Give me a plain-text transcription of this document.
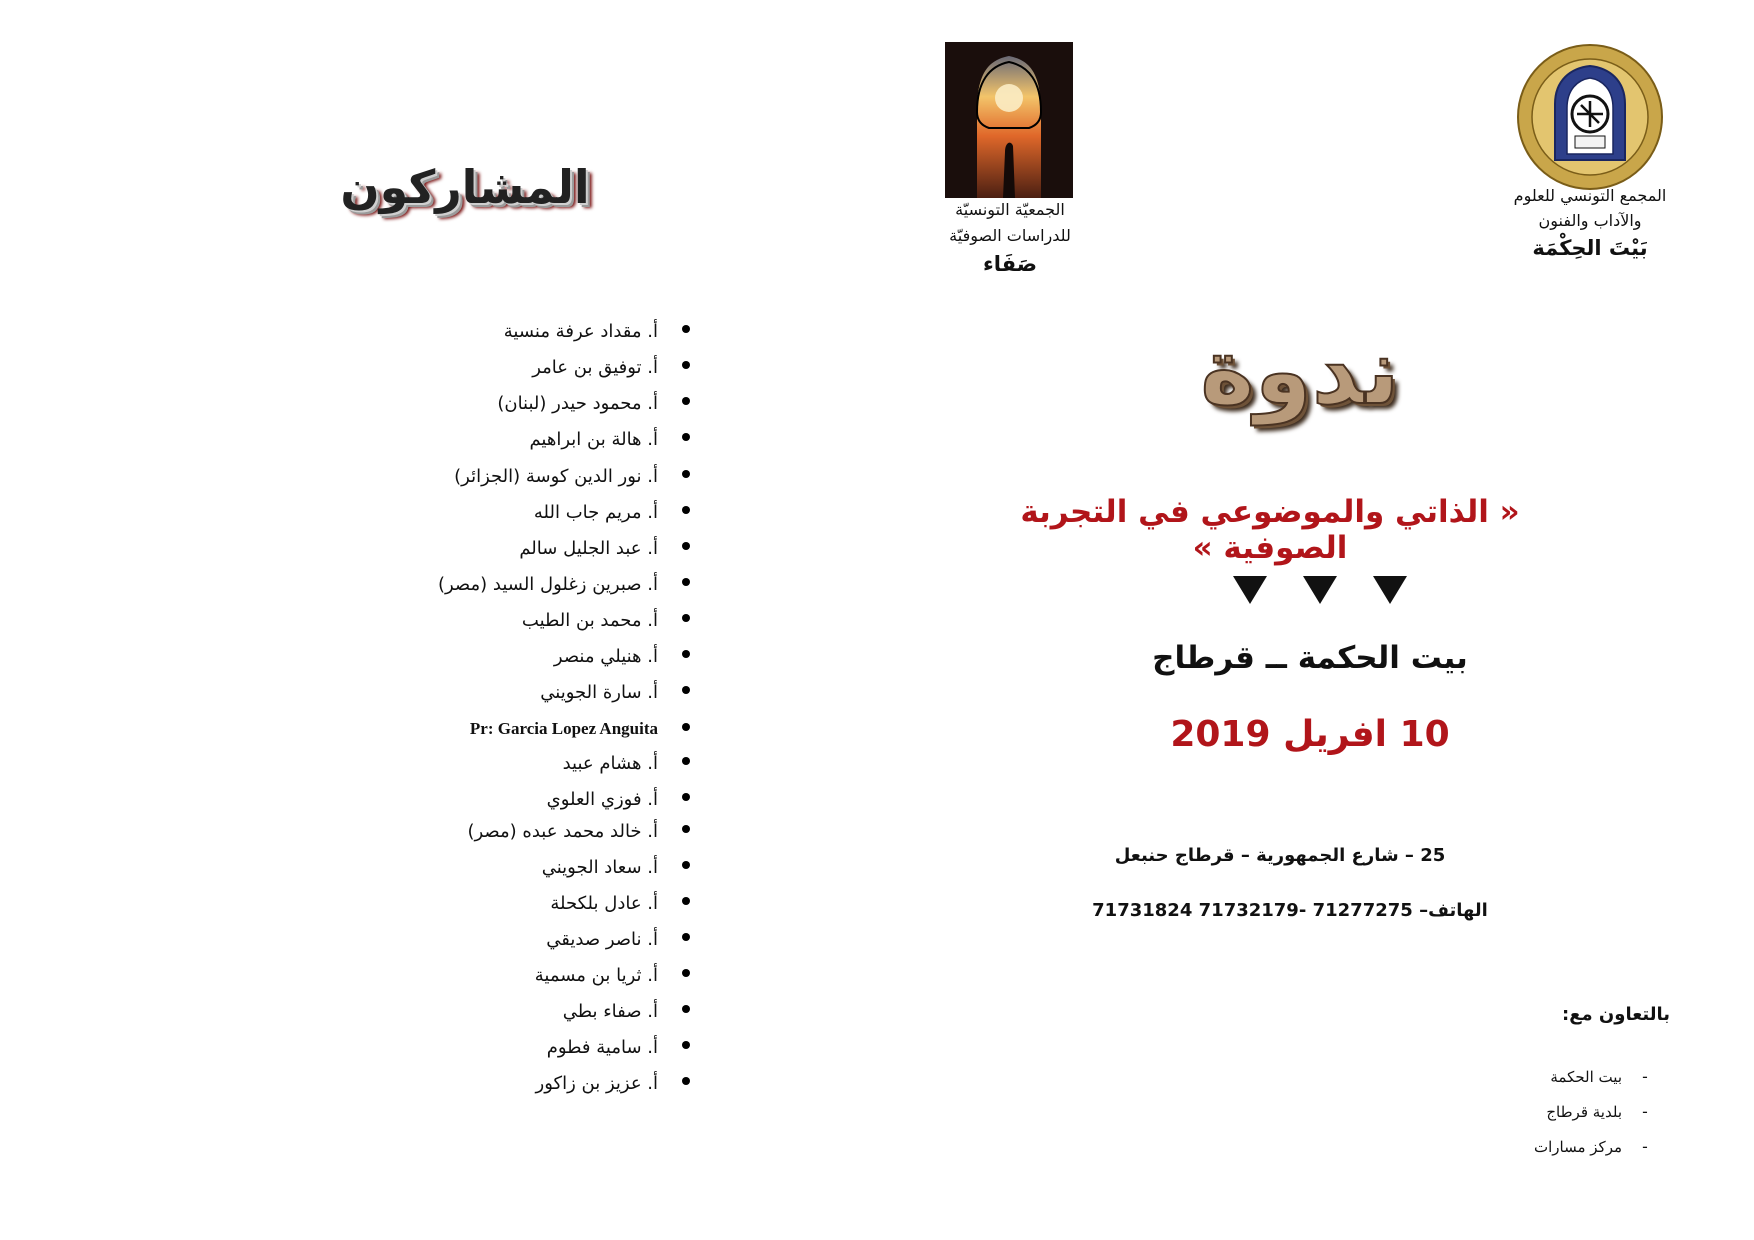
المشاركون
أ. مقداد عرفة منسية
أ. توفيق بن عامر
أ. محمود حيدر (لبنان)
أ. هالة بن ابراهيم
أ. نور الدين كوسة (الجزائر)
أ. مريم جاب الله
أ. عبد الجليل سالم
أ. صبرين زغلول السيد (مصر)
أ. محمد بن الطيب
أ. هنيلي منصر
أ. سارة الجويني
Pr: Garcia Lopez Anguita
أ. هشام عبيد
أ. فوزي العلوي
أ. خالد محمد عبده (مصر)
أ. سعاد الجويني
أ. عادل بلكحلة
أ. ناصر صديقي
أ. ثريا بن مسمية
أ. صفاء بطي
أ. سامية فطوم
أ. عزيز بن زاكور
الجمعيّة التونسيّة
للدراسات الصوفيّة
صَفَاء
المجمع التونسي للعلوم
والآداب والفنون
بَيْتَ الحِكْمَة
ندوة
« الذاتي والموضوعي في التجربة الصوفية »
بيت الحكمة ــ قرطاج
10 افريل 2019
25 – شارع الجمهورية – قرطاج حنبعل
الهاتف– 71277275 -71732179 71731824
بالتعاون مع:
بيت الحكمة -
بلدية قرطاج -
مركز مسارات -
